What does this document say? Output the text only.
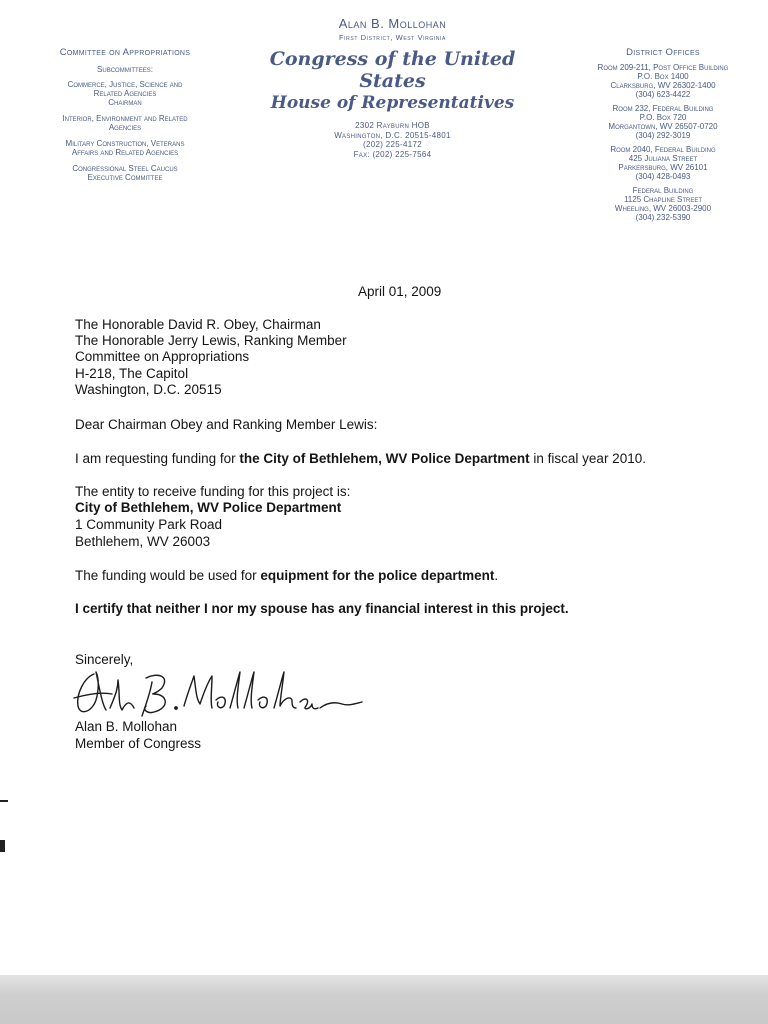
Committee on Appropriations
Subcommittees:
Commerce, Justice, Science and
Related Agencies
Chairman
Interior, Environment and Related
Agencies
Military Construction, Veterans
Affairs and Related Agencies
Congressional Steel Caucus
Executive Committee
Alan B. Mollohan
First District, West Virginia
Congress of the United States
House of Representatives
2302 Rayburn HOB
Washington, D.C. 20515-4801
(202) 225-4172
Fax: (202) 225-7564
District Offices
Room 209-211, Post Office Building
P.O. Box 1400
Clarksburg, WV 26302-1400
(304) 623-4422
Room 232, Federal Building
P.O. Box 720
Morgantown, WV 26507-0720
(304) 292-3019
Room 2040, Federal Building
425 Juliana Street
Parkersburg, WV 26101
(304) 428-0493
Federal Building
1125 Chapline Street
Wheeling, WV 26003-2900
(304) 232-5390
April 01, 2009
The Honorable David R. Obey, Chairman
The Honorable Jerry Lewis, Ranking Member
Committee on Appropriations
H-218, The Capitol
Washington, D.C. 20515
Dear Chairman Obey and Ranking Member Lewis:
I am requesting funding for the City of Bethlehem, WV Police Department in fiscal year 2010.
The entity to receive funding for this project is:
City of Bethlehem, WV Police Department
1 Community Park Road
Bethlehem, WV 26003
The funding would be used for equipment for the police department.
I certify that neither I nor my spouse has any financial interest in this project.
Sincerely,
Alan B. Mollohan
Member of Congress
